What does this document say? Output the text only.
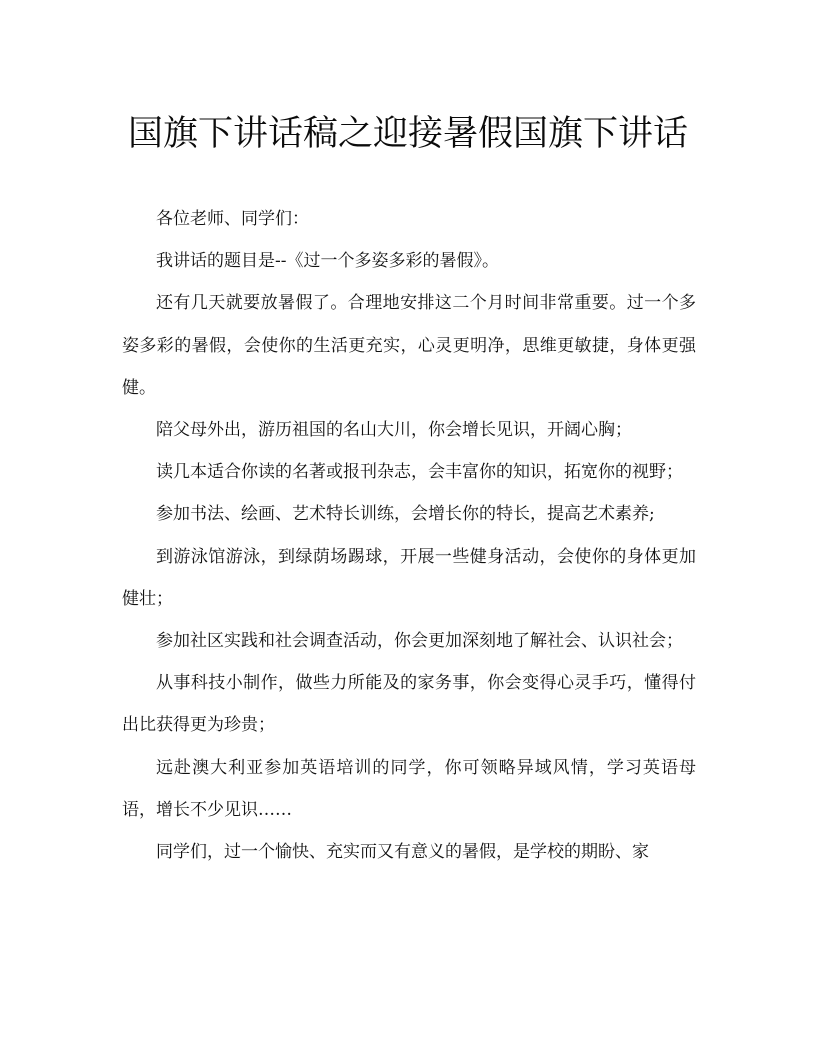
国旗下讲话稿之迎接暑假国旗下讲话

各位老师、同学们：

我讲话的题目是--《过一个多姿多彩的暑假》。

还有几天就要放暑假了。合理地安排这二个月时间非常重要。过一个多姿多彩的暑假，会使你的生活更充实，心灵更明净，思维更敏捷，身体更强健。

陪父母外出，游历祖国的名山大川，你会增长见识，开阔心胸；

读几本适合你读的名著或报刊杂志，会丰富你的知识，拓宽你的视野；

参加书法、绘画、艺术特长训练，会增长你的特长，提高艺术素养;

到游泳馆游泳，到绿荫场踢球，开展一些健身活动，会使你的身体更加健壮；

参加社区实践和社会调查活动，你会更加深刻地了解社会、认识社会；

从事科技小制作，做些力所能及的家务事，你会变得心灵手巧，懂得付出比获得更为珍贵；

远赴澳大利亚参加英语培训的同学，你可领略异域风情，学习英语母语，增长不少见识……

同学们，过一个愉快、充实而又有意义的暑假，是学校的期盼、家
